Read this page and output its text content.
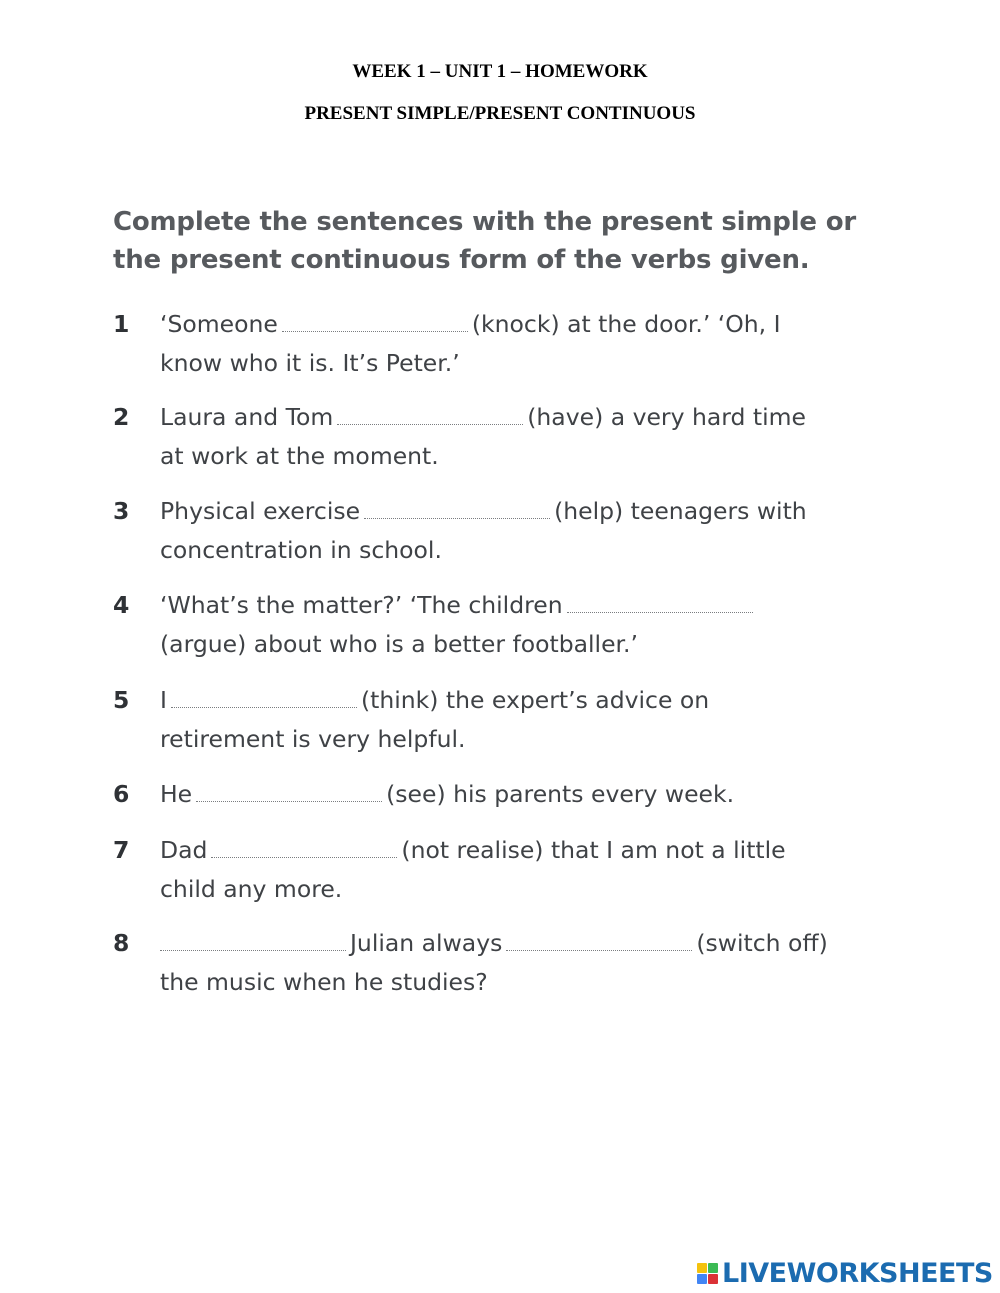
WEEK 1 – UNIT 1 – HOMEWORK
PRESENT SIMPLE/PRESENT CONTINUOUS
Complete the sentences with the present simple or
the present continuous form of the verbs given.
1 ‘Someone	(knock) at the door.’ ‘Oh, I
know who it is. It’s Peter.’
2 Laura and Tom	(have) a very hard time
at work at the moment.
3 Physical exercise	(help) teenagers with
concentration in school.
4 ‘What’s the matter?’ ‘The children
(argue) about who is a better footballer.’
5 I	(think) the expert’s advice on
retirement is very helpful.
6 He	(see) his parents every week.
7 Dad	(not realise) that I am not a little
child any more.
8	Julian always	(switch off)
the music when he studies?
LIVEWORKSHEETS
